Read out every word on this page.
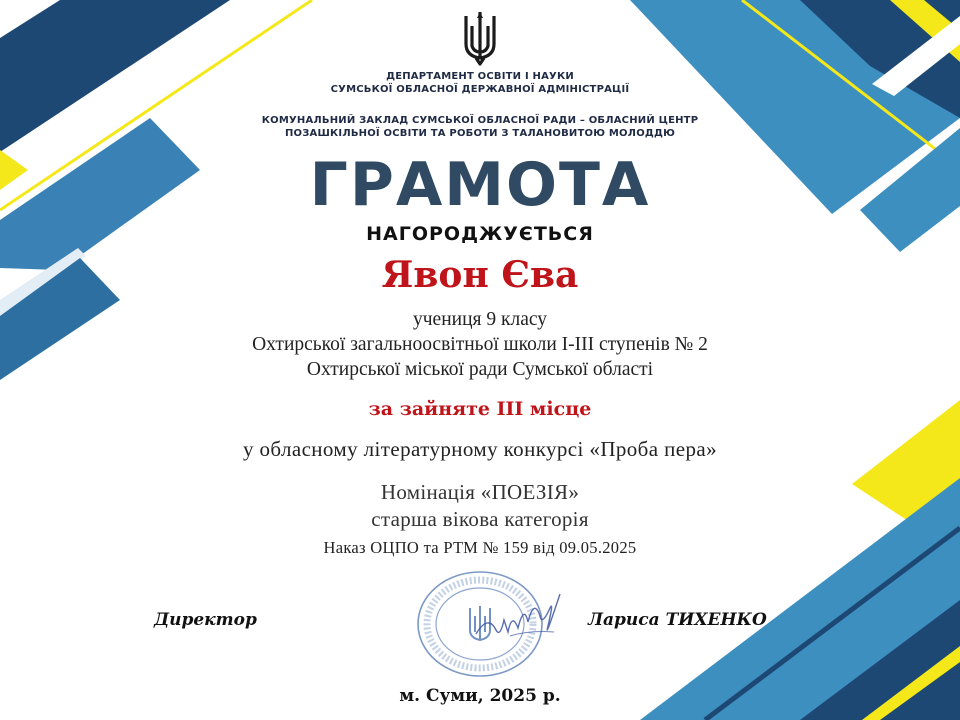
ДЕПАРТАМЕНТ ОСВІТИ І НАУКИ
СУМСЬКОЇ ОБЛАСНОЇ ДЕРЖАВНОЇ АДМІНІСТРАЦІЇ
КОМУНАЛЬНИЙ ЗАКЛАД СУМСЬКОЇ ОБЛАСНОЇ РАДИ – ОБЛАСНИЙ ЦЕНТР
ПОЗАШКІЛЬНОЇ ОСВІТИ ТА РОБОТИ З ТАЛАНОВИТОЮ МОЛОДДЮ
ГРАМОТА
НАГОРОДЖУЄТЬСЯ
Явон Єва
учениця 9 класу
Охтирської загальноосвітньої школи І-ІІІ ступенів № 2
Охтирської міської ради Сумської області
за зайняте ІІІ місце
у обласному літературному конкурсі «Проба пера»
Номінація «ПОЕЗІЯ»
старша вікова категорія
Наказ ОЦПО та РТМ № 159 від 09.05.2025
Директор	Лариса ТИХЕНКО
м. Суми, 2025 р.
